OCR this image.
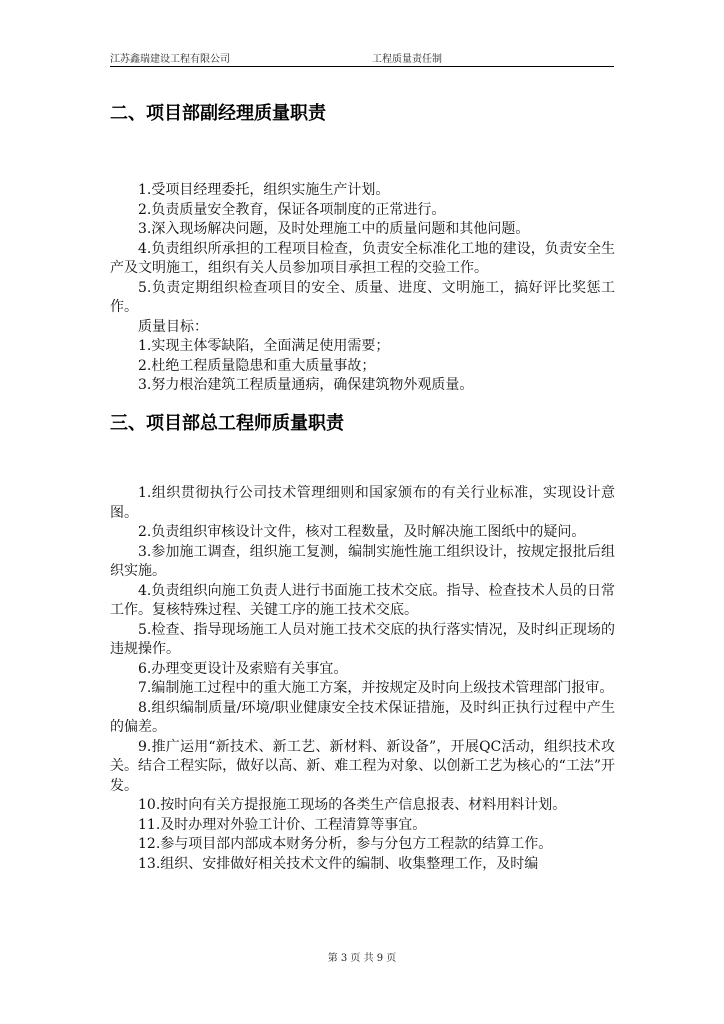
江苏鑫瑞建设工程有限公司	工程质量责任制
二、项目部副经理质量职责

1.受项目经理委托，组织实施生产计划。

2.负责质量安全教育，保证各项制度的正常进行。

3.深入现场解决问题，及时处理施工中的质量问题和其他问题。

4.负责组织所承担的工程项目检查，负责安全标准化工地的建设，负责安全生产及文明施工，组织有关人员参加项目承担工程的交验工作。

5.负责定期组织检查项目的安全、质量、进度、文明施工，搞好评比奖惩工作。

质量目标：

1.实现主体零缺陷，全面满足使用需要；

2.杜绝工程质量隐患和重大质量事故；

3.努力根治建筑工程质量通病，确保建筑物外观质量。

三、项目部总工程师质量职责

1.组织贯彻执行公司技术管理细则和国家颁布的有关行业标准，实现设计意图。

2.负责组织审核设计文件，核对工程数量，及时解决施工图纸中的疑问。

3.参加施工调查，组织施工复测，编制实施性施工组织设计，按规定报批后组织实施。

4.负责组织向施工负责人进行书面施工技术交底。指导、检查技术人员的日常工作。复核特殊过程、关键工序的施工技术交底。

5.检查、指导现场施工人员对施工技术交底的执行落实情况，及时纠正现场的违规操作。

6.办理变更设计及索赔有关事宜。

7.编制施工过程中的重大施工方案，并按规定及时向上级技术管理部门报审。

8.组织编制质量/环境/职业健康安全技术保证措施，及时纠正执行过程中产生的偏差。

9.推广运用“新技术、新工艺、新材料、新设备”，开展QC活动，组织技术攻关。结合工程实际，做好以高、新、难工程为对象、以创新工艺为核心的“工法”开发。

10.按时向有关方提报施工现场的各类生产信息报表、材料用料计划。

11.及时办理对外验工计价、工程清算等事宜。

12.参与项目部内部成本财务分析，参与分包方工程款的结算工作。

13.组织、安排做好相关技术文件的编制、收集整理工作，及时编

第 3 页 共 9 页
